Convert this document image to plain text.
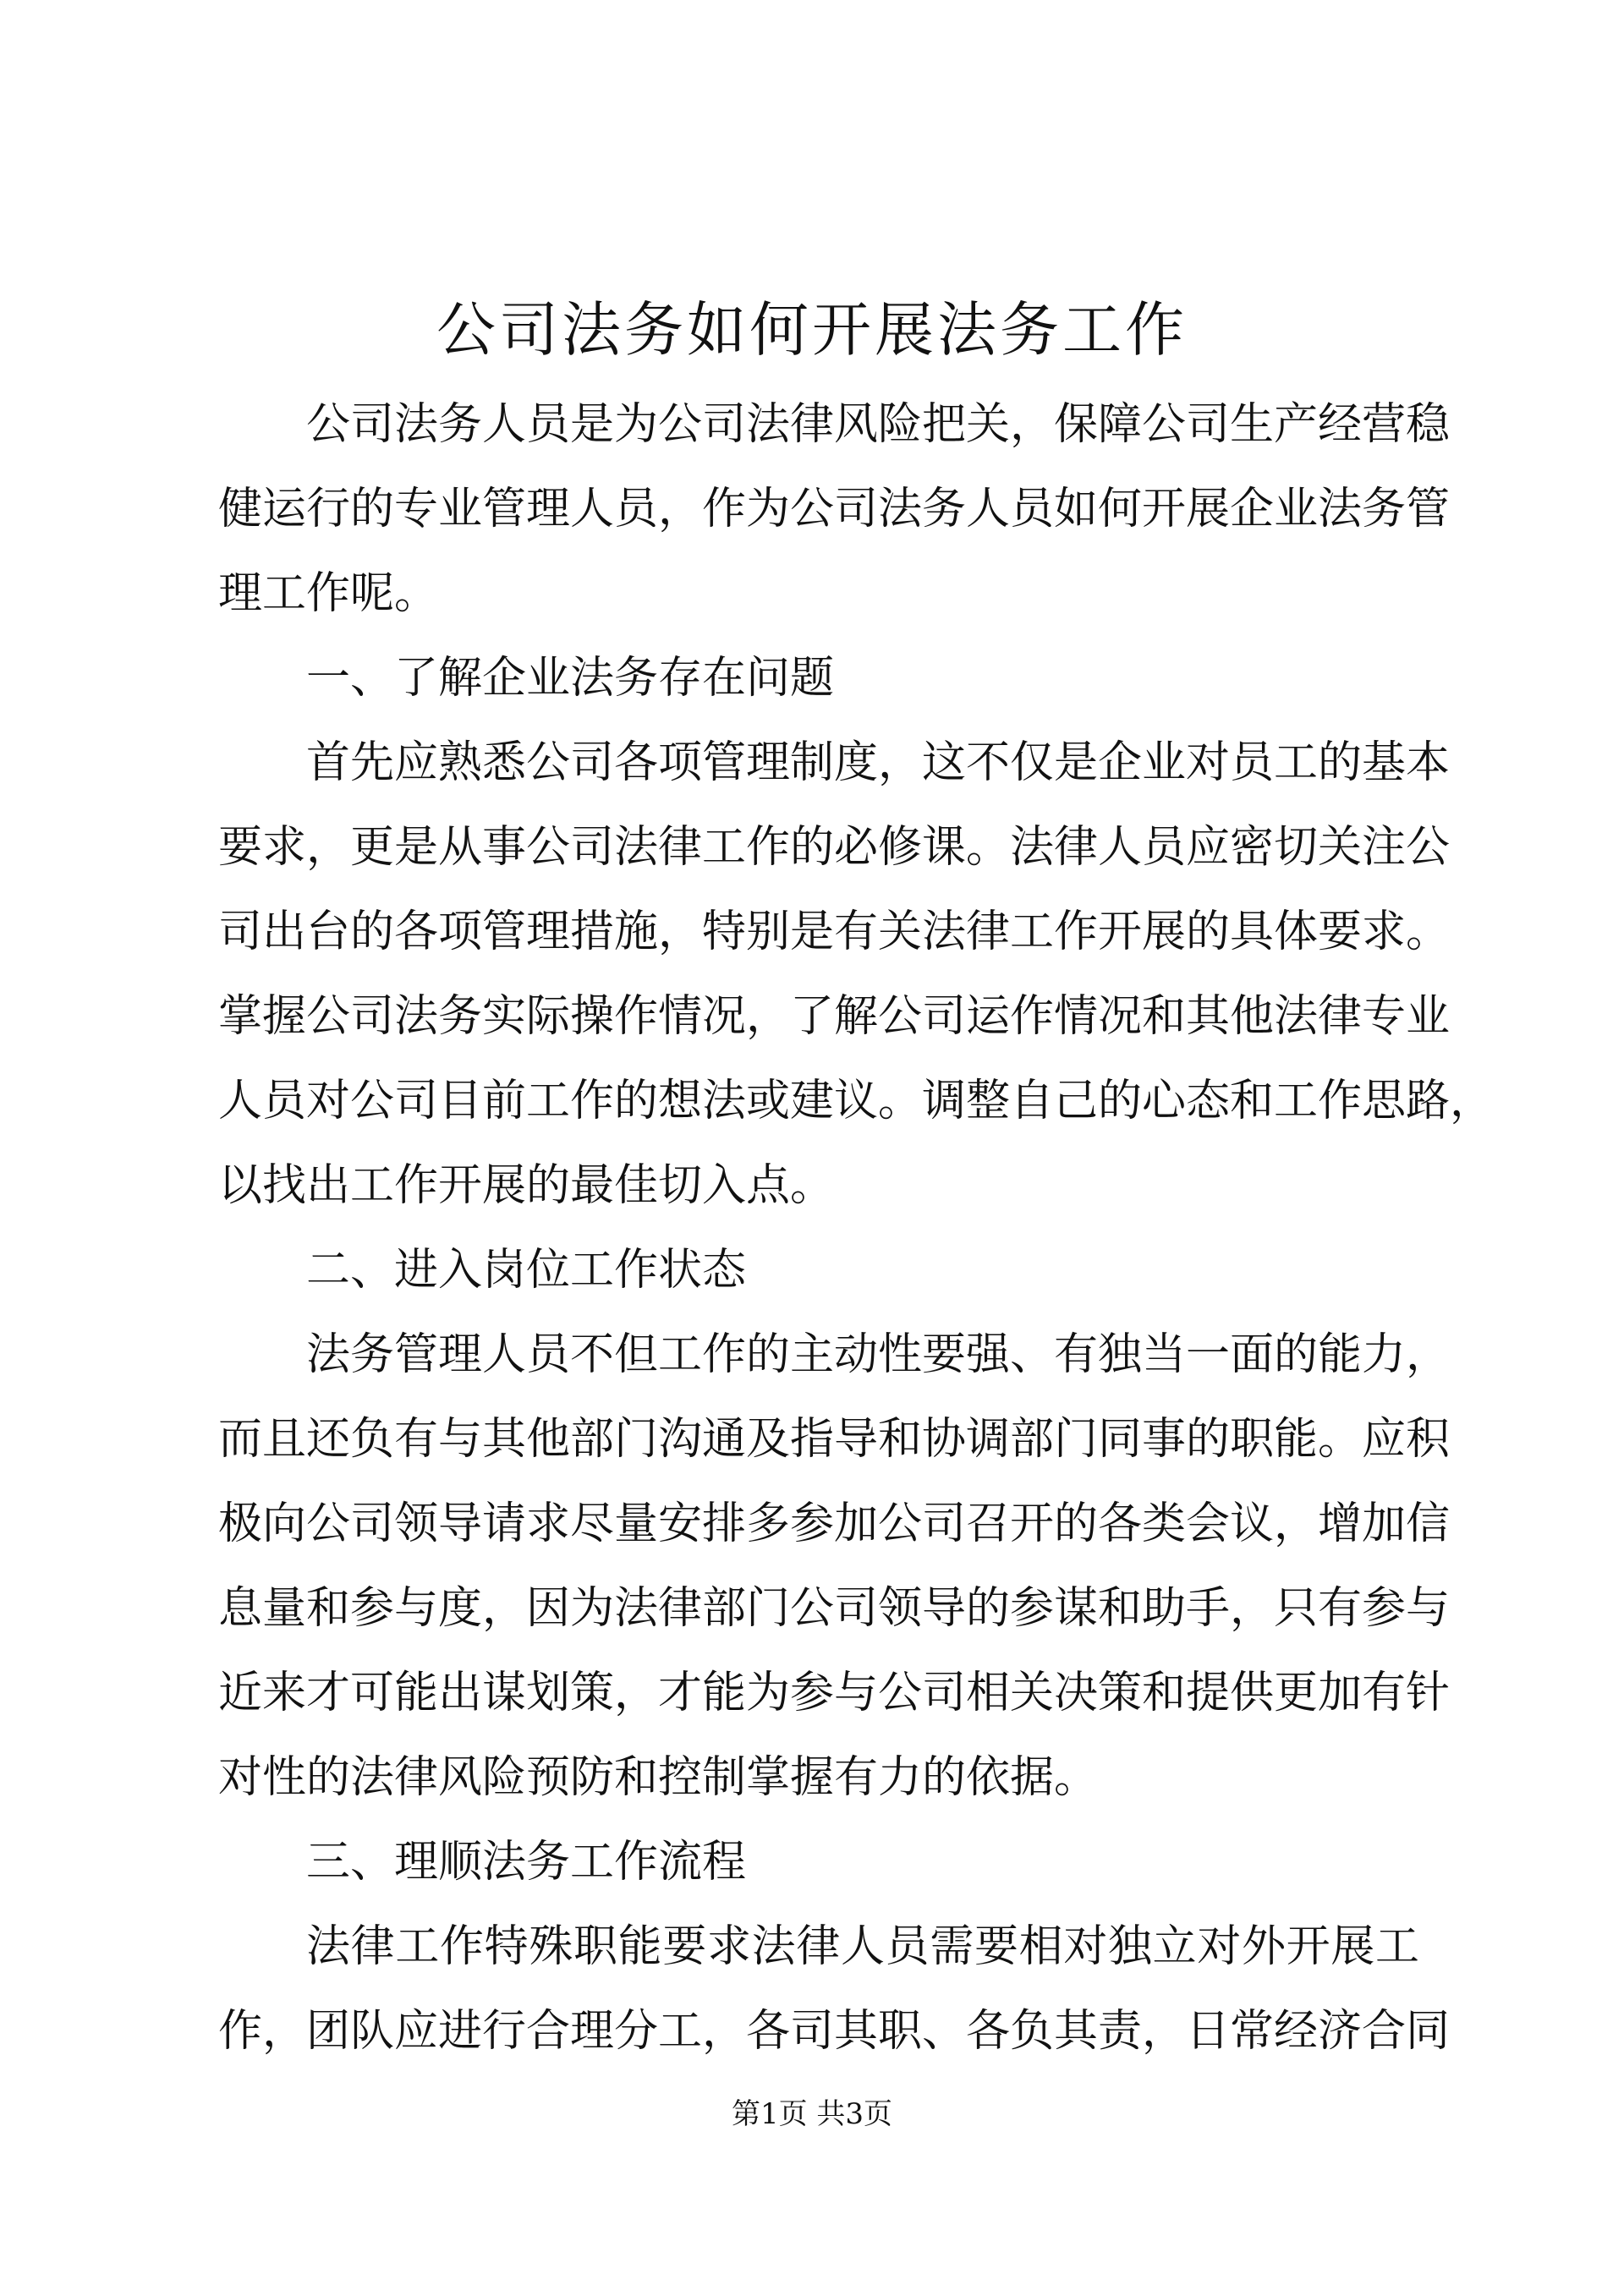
公司法务如何开展法务工作
公司法务人员是为公司法律风险把关，保障公司生产经营稳
健运行的专业管理人员，作为公司法务人员如何开展企业法务管
理工作呢。
一、了解企业法务存在问题
首先应熟悉公司各项管理制度，这不仅是企业对员工的基本
要求，更是从事公司法律工作的必修课。法律人员应密切关注公
司出台的各项管理措施，特别是有关法律工作开展的具体要求。
掌握公司法务实际操作情况，了解公司运作情况和其他法律专业
人员对公司目前工作的想法或建议。调整自己的心态和工作思路，
以找出工作开展的最佳切入点。
二、进入岗位工作状态
法务管理人员不但工作的主动性要强、有独当一面的能力，
而且还负有与其他部门沟通及指导和协调部门同事的职能。应积
极向公司领导请求尽量安排多参加公司召开的各类会议，增加信
息量和参与度，因为法律部门公司领导的参谋和助手，只有参与
近来才可能出谋划策，才能为参与公司相关决策和提供更加有针
对性的法律风险预防和控制掌握有力的依据。
三、理顺法务工作流程
法律工作特殊职能要求法律人员需要相对独立对外开展工
作，团队应进行合理分工，各司其职、各负其责，日常经济合同
第1页 共3页
